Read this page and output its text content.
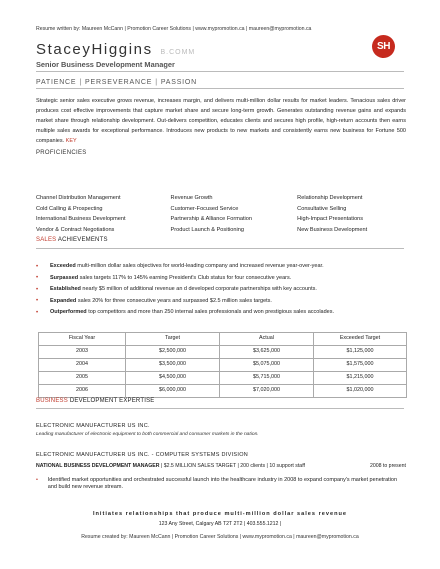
Resume written by: Maureen McCann | Promotion Career Solutions | www.mypromotion.ca | maureen@mypromotion.ca
StaceyHiggins B.COMM
SH
Senior Business Development Manager
PATIENCE | PERSEVERANCE | PASSION
Strategic senior sales executive grows revenue, increases margin, and delivers multi-million dollar results for market leaders. Tenacious sales driver produces cost effective improvements that capture market share and secure long-term growth. Generates outstanding revenue gains and expands market share through relationship development. Out-delivers competition, educates clients and secures high profile, high-return accounts then earns multiple sales awards for exceptional performance. Introduces new products to new markets and consistently earns new business for Fortune 500 companies. KEY
PROFICIENCIES
Channel Distribution Management	Revenue Growth	Relationship Development
Cold Calling & Prospecting	Customer-Focused Service	Consultative Selling
International Business Development	Partnership & Alliance Formation	High-Impact Presentations
Vendor & Contract Negotiations	Product Launch & Positioning	New Business Development
SALES ACHIEVEMENTS
•	Exceeded multi-million dollar sales objectives for world-leading company and increased revenue year-over-year.
•	Surpassed sales targets 117% to 145% earning President's Club status for four consecutive years.
•	Established nearly $5 million of additional revenue an d developed corporate partnerships with key accounts.
•	Expanded sales 20% for three consecutive years and surpassed $2.5 million sales targets.
•	Outperformed top competitors and more than 250 internal sales professionals and won prestigious sales accolades.
Fiscal Year	Target	Actual	Exceeded Target
2003	$2,500,000	$3,625,000	$1,125,000
2004	$3,500,000	$5,075,000	$1,575,000
2005	$4,500,000	$5,715,000	$1,215,000
2006	$6,000,000	$7,020,000	$1,020,000
BUSINESS DEVELOPMENT EXPERTISE
ELECTRONIC MANUFACTURER US INC.
Leading manufacturer of electronic equipment to both commercial and consumer markets in the nation.
ELECTRONIC MANUFACTURER US INC. - COMPUTER SYSTEMS DIVISION
NATIONAL BUSINESS DEVELOPMENT MANAGER | $2.5 MILLION SALES TARGET | 200 clients | 10 support staff	2008 to present
•	Identified market opportunities and orchestrated successful launch into the healthcare industry in 2008 to expand company's market penetration and build new revenue stream.
Initiates relationships that produce multi-million dollar sales revenue
123 Any Street, Calgary AB T2T 2T2 | 403.555.1212 |
Resume created by: Maureen McCann | Promotion Career Solutions | www.mypromotion.ca | maureen@mypromotion.ca
